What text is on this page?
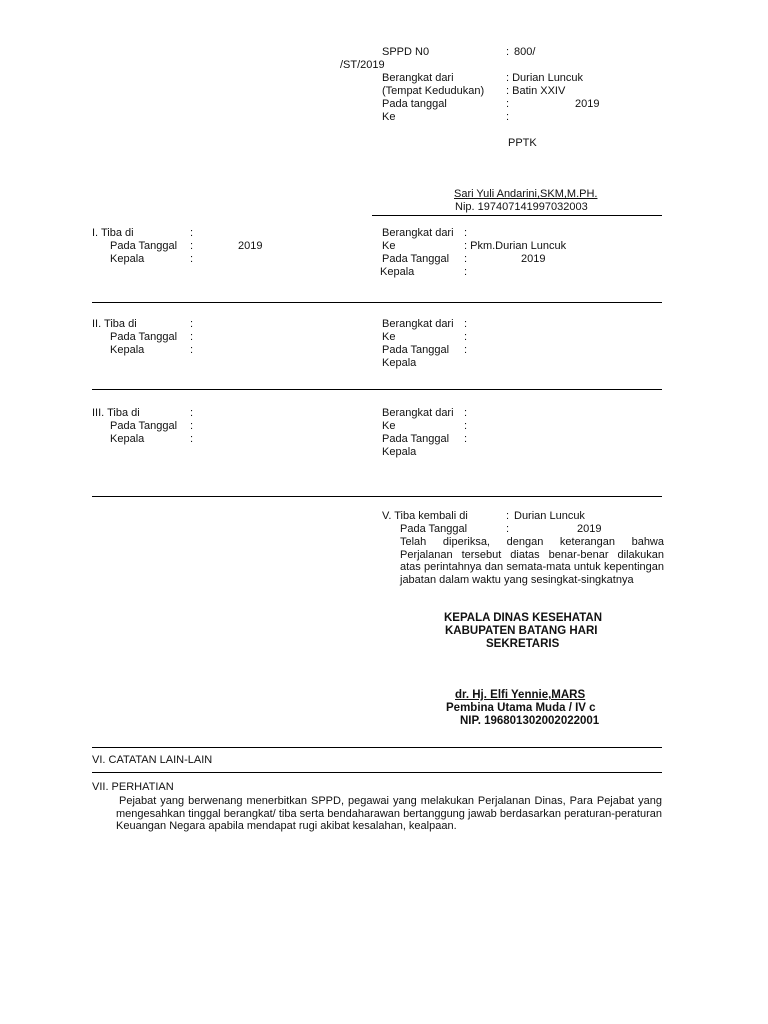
SPPD N0	: 800/
/ST/2019
Berangkat dari	: Durian Luncuk
(Tempat Kedudukan) : Batin XXIV
Pada tanggal	:	2019
Ke	:
PPTK
Sari Yuli Andarini,SKM,M.PH.
Nip. 197407141997032003
I. Tiba di	:
Pada Tanggal :	2019
Kepala	:
Berangkat dari :
Ke	: Pkm.Durian Luncuk
Pada Tanggal :	2019
Kepala	:
II. Tiba di	:
Pada Tanggal :
Kepala	:
Berangkat dari :
Ke	:
Pada Tanggal :
Kepala
III. Tiba di	:
Pada Tanggal :
Kepala	:
Berangkat dari :
Ke	:
Pada Tanggal :
Kepala
V. Tiba kembali di	: Durian Luncuk
Pada Tanggal	:	2019
Telah diperiksa, dengan keterangan bahwa Perjalanan tersebut diatas benar-benar dilakukan atas perintahnya dan semata-mata untuk kepentingan jabatan dalam waktu yang sesingkat-singkatnya
KEPALA DINAS KESEHATAN
KABUPATEN BATANG HARI
SEKRETARIS
dr. Hj. Elfi Yennie,MARS
Pembina Utama Muda / IV c
NIP. 196801302002022001
VI. CATATAN LAIN-LAIN
VII. PERHATIAN
Pejabat yang berwenang menerbitkan SPPD, pegawai yang melakukan Perjalanan Dinas, Para Pejabat yang mengesahkan tinggal berangkat/ tiba serta bendaharawan bertanggung jawab berdasarkan peraturan-peraturan Keuangan Negara apabila mendapat rugi akibat kesalahan, kealpaan.
